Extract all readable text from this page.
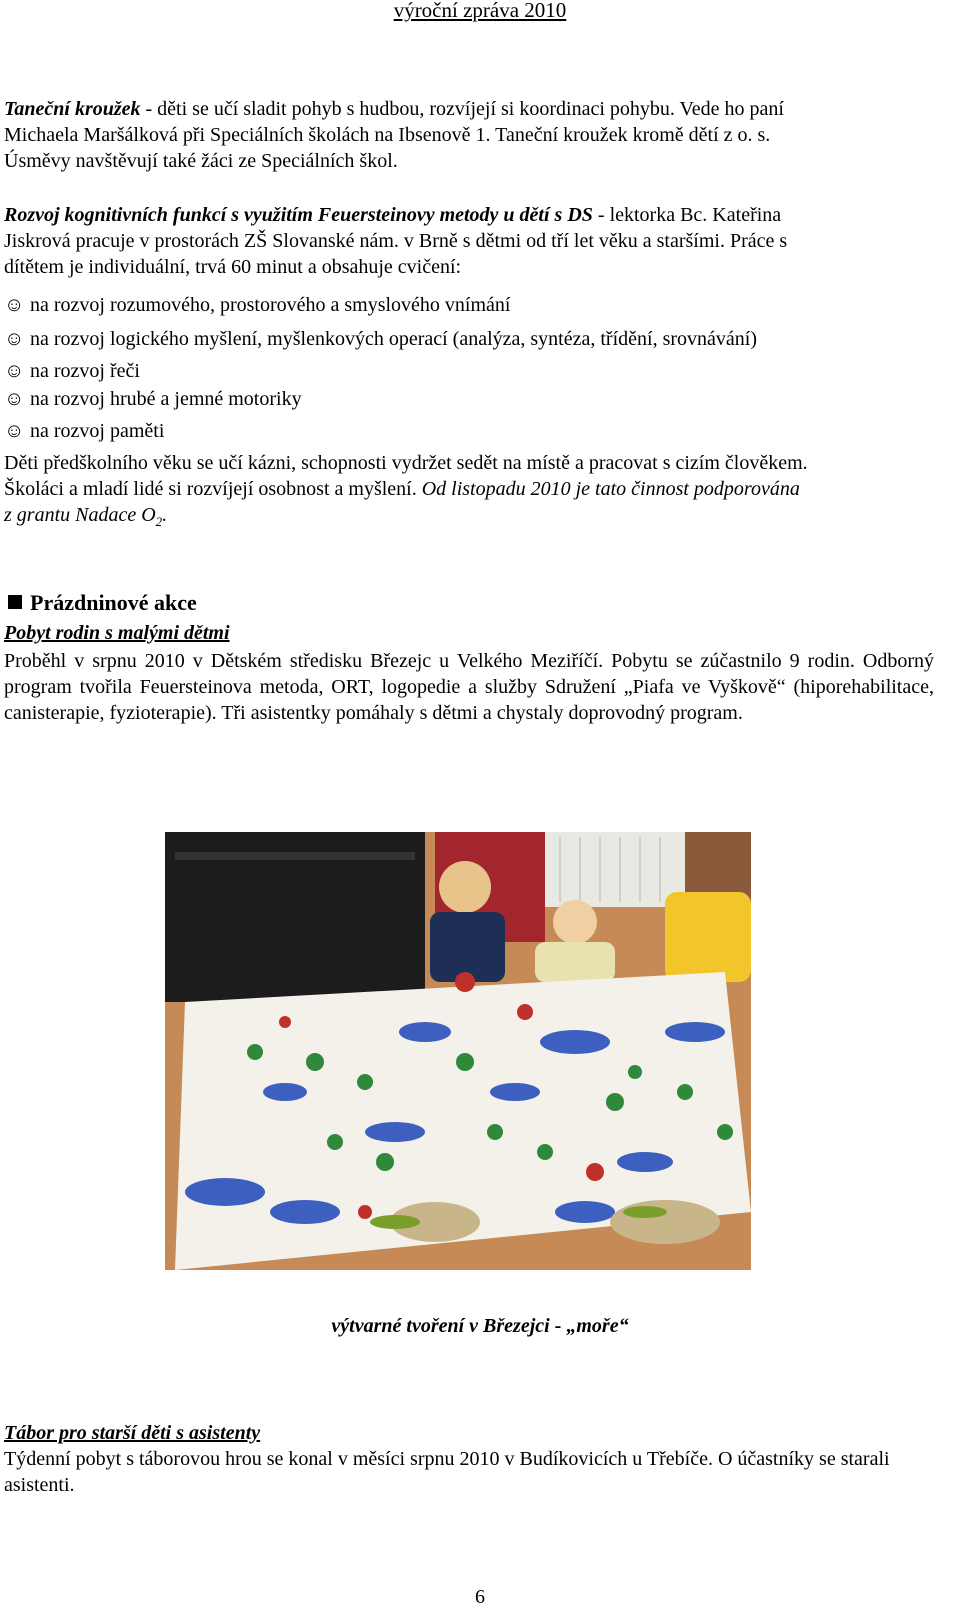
výroční zpráva 2010
Taneční kroužek - děti se učí sladit pohyb s hudbou, rozvíjejí si koordinaci pohybu. Vede ho paní
Michaela Maršálková při Speciálních školách na Ibsenově 1. Taneční kroužek kromě dětí z o. s.
Úsměvy navštěvují také žáci ze Speciálních škol.
Rozvoj kognitivních funkcí s využitím Feuersteinovy metody u dětí s DS - lektorka Bc. Kateřina
Jiskrová pracuje v prostorách ZŠ Slovanské nám. v Brně s dětmi od tří let věku a staršími. Práce s
dítětem je individuální, trvá 60 minut a obsahuje cvičení:
☺ na rozvoj rozumového, prostorového a smyslového vnímání
☺ na rozvoj logického myšlení, myšlenkových operací (analýza, syntéza, třídění, srovnávání)
☺ na rozvoj řeči
☺ na rozvoj hrubé a jemné motoriky
☺ na rozvoj paměti
Děti předškolního věku se učí kázni, schopnosti vydržet sedět na místě a pracovat s cizím člověkem.
Školáci a mladí lidé si rozvíjejí osobnost a myšlení. Od listopadu 2010 je tato činnost podporována
z grantu Nadace $O_2$.
Prázdninové akce
Pobyt rodin s malými dětmi
Proběhl v srpnu 2010 v Dětském středisku Březejc u Velkého Meziříčí. Pobytu se zúčastnilo 9 rodin. Odborný program tvořila Feuersteinova metoda, ORT, logopedie a služby Sdružení „Piafa ve Vyškově“ (hiporehabilitace, canisterapie, fyzioterapie). Tři asistentky pomáhaly s dětmi a chystaly doprovodný program.
výtvarné tvoření v Březejci - „moře“
Tábor pro starší děti s asistenty
Týdenní pobyt s táborovou hrou se konal v měsíci srpnu 2010 v Budíkovicích u Třebíče. O účastníky se starali asistenti.
6
